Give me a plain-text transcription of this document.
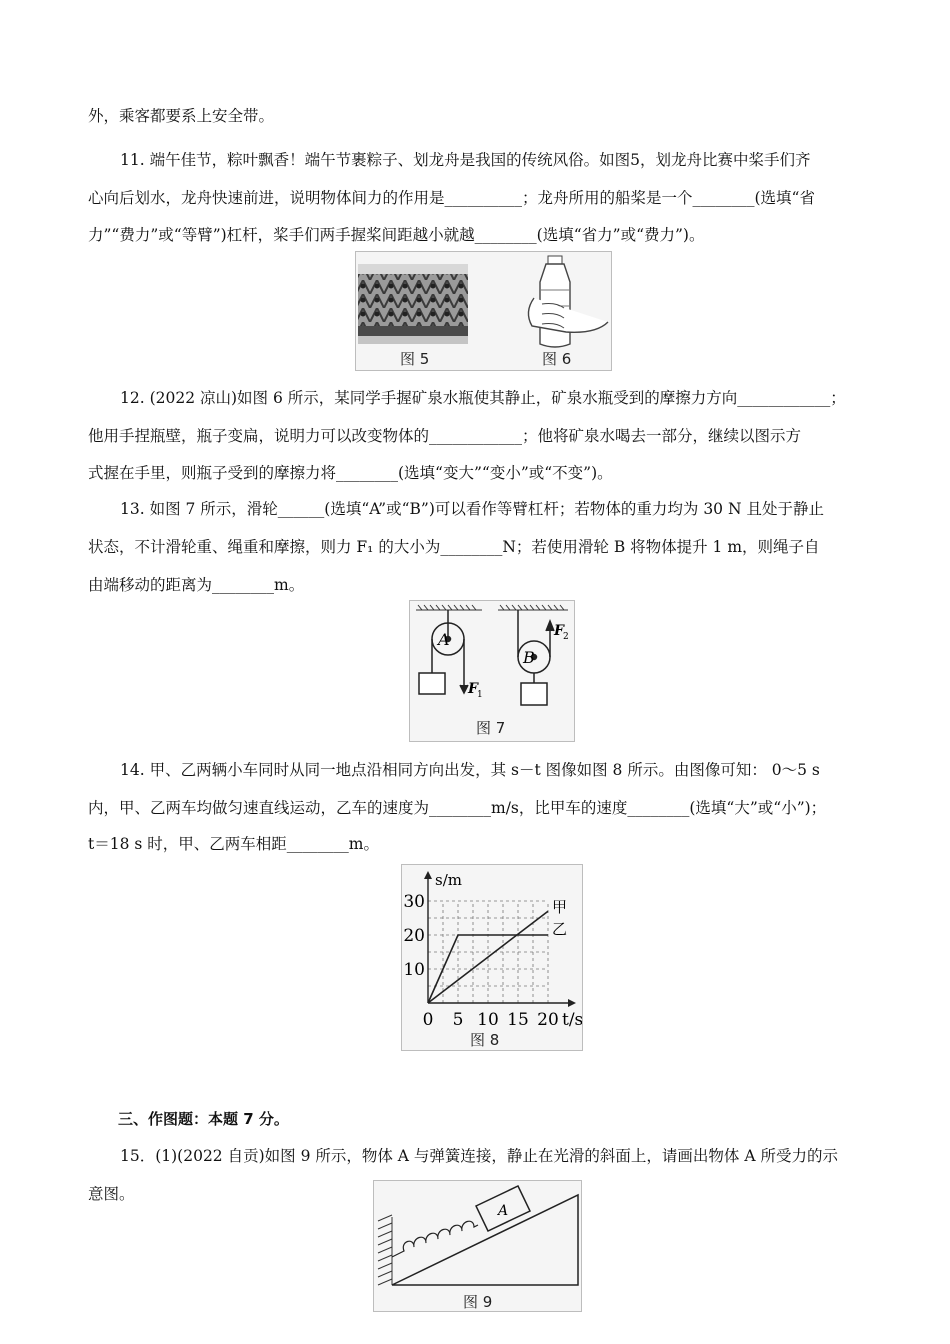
外，乘客都要系上安全带。
11. 端午佳节，粽叶飘香！端午节裹粽子、划龙舟是我国的传统风俗。如图5，划龙舟比赛中桨手们齐
心向后划水，龙舟快速前进，说明物体间力的作用是__________；龙舟所用的船桨是一个________(选填“省
力”“费力”或“等臂”)杠杆，桨手们两手握桨间距越小就越________(选填“省力”或“费力”)。
图 5	图 6
12. (2022 凉山)如图 6 所示，某同学手握矿泉水瓶使其静止，矿泉水瓶受到的摩擦力方向____________；
他用手捏瓶壁，瓶子变扁，说明力可以改变物体的____________；他将矿泉水喝去一部分，继续以图示方
式握在手里，则瓶子受到的摩擦力将________(选填“变大”“变小”或“不变”)。
13. 如图 7 所示，滑轮______(选填“A”或“B”)可以看作等臂杠杆；若物体的重力均为 30 N 且处于静止
状态，不计滑轮重、绳重和摩擦，则力 F₁ 的大小为________N；若使用滑轮 B 将物体提升 1 m，则绳子自
由端移动的距离为________m。
A
F 1
B
F 2
图 7
14. 甲、乙两辆小车同时从同一地点沿相同方向出发，其 s－t 图像如图 8 所示。由图像可知： 0～5 s
内，甲、乙两车均做匀速直线运动，乙车的速度为________m/s，比甲车的速度________(选填“大”或“小”)；
t＝18 s 时，甲、乙两车相距________m。
0 5 10 15 20
10
20
30
t/s
s/m
甲
乙
图 8
三、作图题：本题 7 分。
15．(1)(2022 自贡)如图 9 所示，物体 A 与弹簧连接，静止在光滑的斜面上，请画出物体 A 所受力的示
意图。
A
图 9
